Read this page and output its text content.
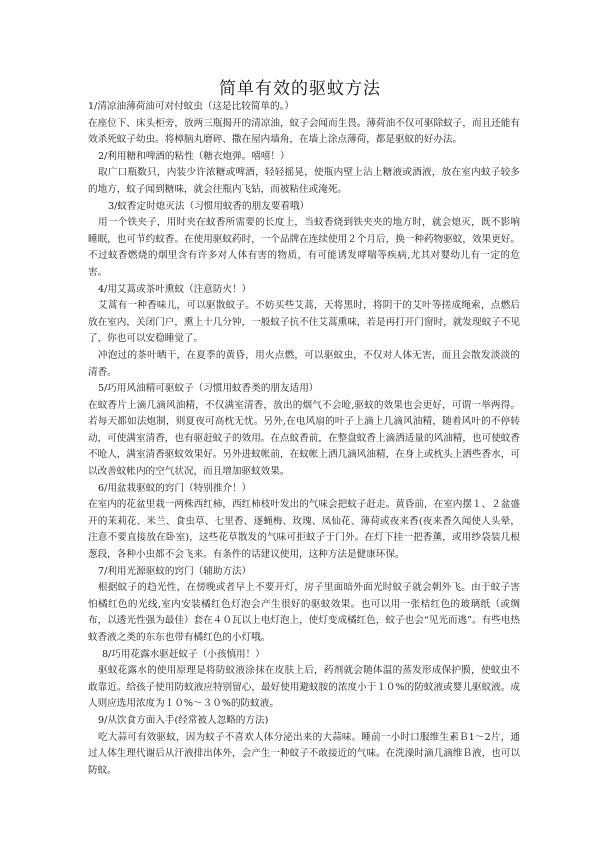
简单有效的驱蚊方法
1/清凉油薄荷油可对付蚊虫（这是比较简单的。）
在座位下、床头柜旁，放两三瓶揭开的清凉油，蚊子会闻而生畏。薄荷油不仅可驱除蚊子，而且还能有效杀死蚊子幼虫。将樟脑丸磨碎、撒在屋内墙角，在墙上涂点薄荷，都是驱蚊的好办法。
2/利用糖和啤酒的粘性（糖衣炮弹。嘻嘻！）
取广口瓶数只，内装少许浓糖或啤酒，轻轻摇晃，使瓶内壁上沾上糖液或酒液，放在室内蚊子较多的地方，蚊子闻到糖味，就会往瓶内飞钻，而被粘住或淹死。
3/蚊香定时熄灭法（习惯用蚊香的朋友要看哦）
用一个铁夹子，用时夹在蚊香所需要的长度上，当蚊香烧到铁夹夹的地方时，就会熄灭，既不影响睡眠，也可节约蚊香。在使用驱蚊药时，一个品牌在连续使用２个月后，换一种药物驱蚊，效果更好。不过蚊香燃烧的烟里含有许多对人体有害的物质，有可能诱发哮喘等疾病,尤其对婴幼儿有一定的危害。
4/用艾蒿或茶叶熏蚊（注意防火！）
艾蒿有一种香味儿，可以驱散蚊子。不妨买些艾蒿，天将黑时，将阴干的艾叶等搓成绳索，点燃后放在室内，关闭门户，熏上十几分钟，一般蚊子抗不住艾蒿熏味，若是再打开门窗时，就发现蚊子不见了，你也可以安稳睡觉了。
冲泡过的茶叶晒干，在夏季的黄昏，用火点燃，可以驱蚊虫，不仅对人体无害，而且会散发淡淡的清香。
5/巧用风油精可驱蚊子（习惯用蚊香类的朋友适用）
在蚊香片上滴几滴风油精，不仅满室清香，放出的烟气不会呛,驱蚊的效果也会更好，可谓一举两得。若每天都如法炮制，则夏夜可高枕无忧。另外,在电风扇的叶子上滴上几滴风油精，随着风叶的不停转动，可使满室清香，也有驱赶蚊子的效用。在点蚊香前，在整盘蚊香上滴洒适量的风油精，也可使蚊香不呛人，满室清香驱蚊效果好。另外进蚊帐前，在蚊帐上洒几滴风油精，在身上或枕头上洒些香水，可以改善蚊帐内的空气状况，而且增加驱蚊效果。
6/用盆栽驱蚊的窍门（特别推介！）
在室内的花盆里栽一两株西红柿，西红柿枝叶发出的气味会把蚊子赶走。黄昏前，在室内摆１、２盆盛开的茉莉花、米兰、食虫草、七里香、逐蝇梅、玫瑰、凤仙花、薄荷或夜来香(夜来香久闻使人头晕，注意不要直接放在卧室)，这些花草散发的气味可拒蚊子于门外。在灯下挂一把香薰，或用纱袋装几根葱段，各种小虫都不会飞来。有条件的话建议使用，这种方法是健康环保。
7/利用光源驱蚊的窍门（辅助方法）
根据蚊子的趋光性，在傍晚或者早上不要开灯，房子里面暗外面光时蚊子就会朝外飞。由于蚊子害怕橘红色的光线,室内安装橘红色灯泡会产生很好的驱蚊效果。也可以用一张桔红色的玻璃纸（或绸布，以透光性强为最佳）套在４０瓦以上电灯泡上，使灯变成橘红色，蚊子也会“见光而逃”。有些电热蚊香液之类的东东也带有橘红色的小灯哦。
8/巧用花露水驱赶蚊子（小孩慎用！）
驱蚊花露水的使用原理是将防蚊液涂抹在皮肤上后，药剂就会随体温的蒸发形成保护膜，使蚊虫不敢靠近。给孩子使用防蚊液应特别留心，最好使用避蚊胺的浓度小于１０%的防蚊液或婴儿驱蚊液。成人则应选用浓度为１０%～３０%的防蚊液。
9/从饮食方面入手(经常被人忽略的方法)
吃大蒜可有效驱蚊，因为蚊子不喜欢人体分泌出来的大蒜味。睡前一小时口服维生素Ｂ1～2片，通过人体生理代谢后从汗液排出体外，会产生一种蚊子不敢接近的气味。在洗澡时滴几滴维Ｂ液，也可以防蚊。
